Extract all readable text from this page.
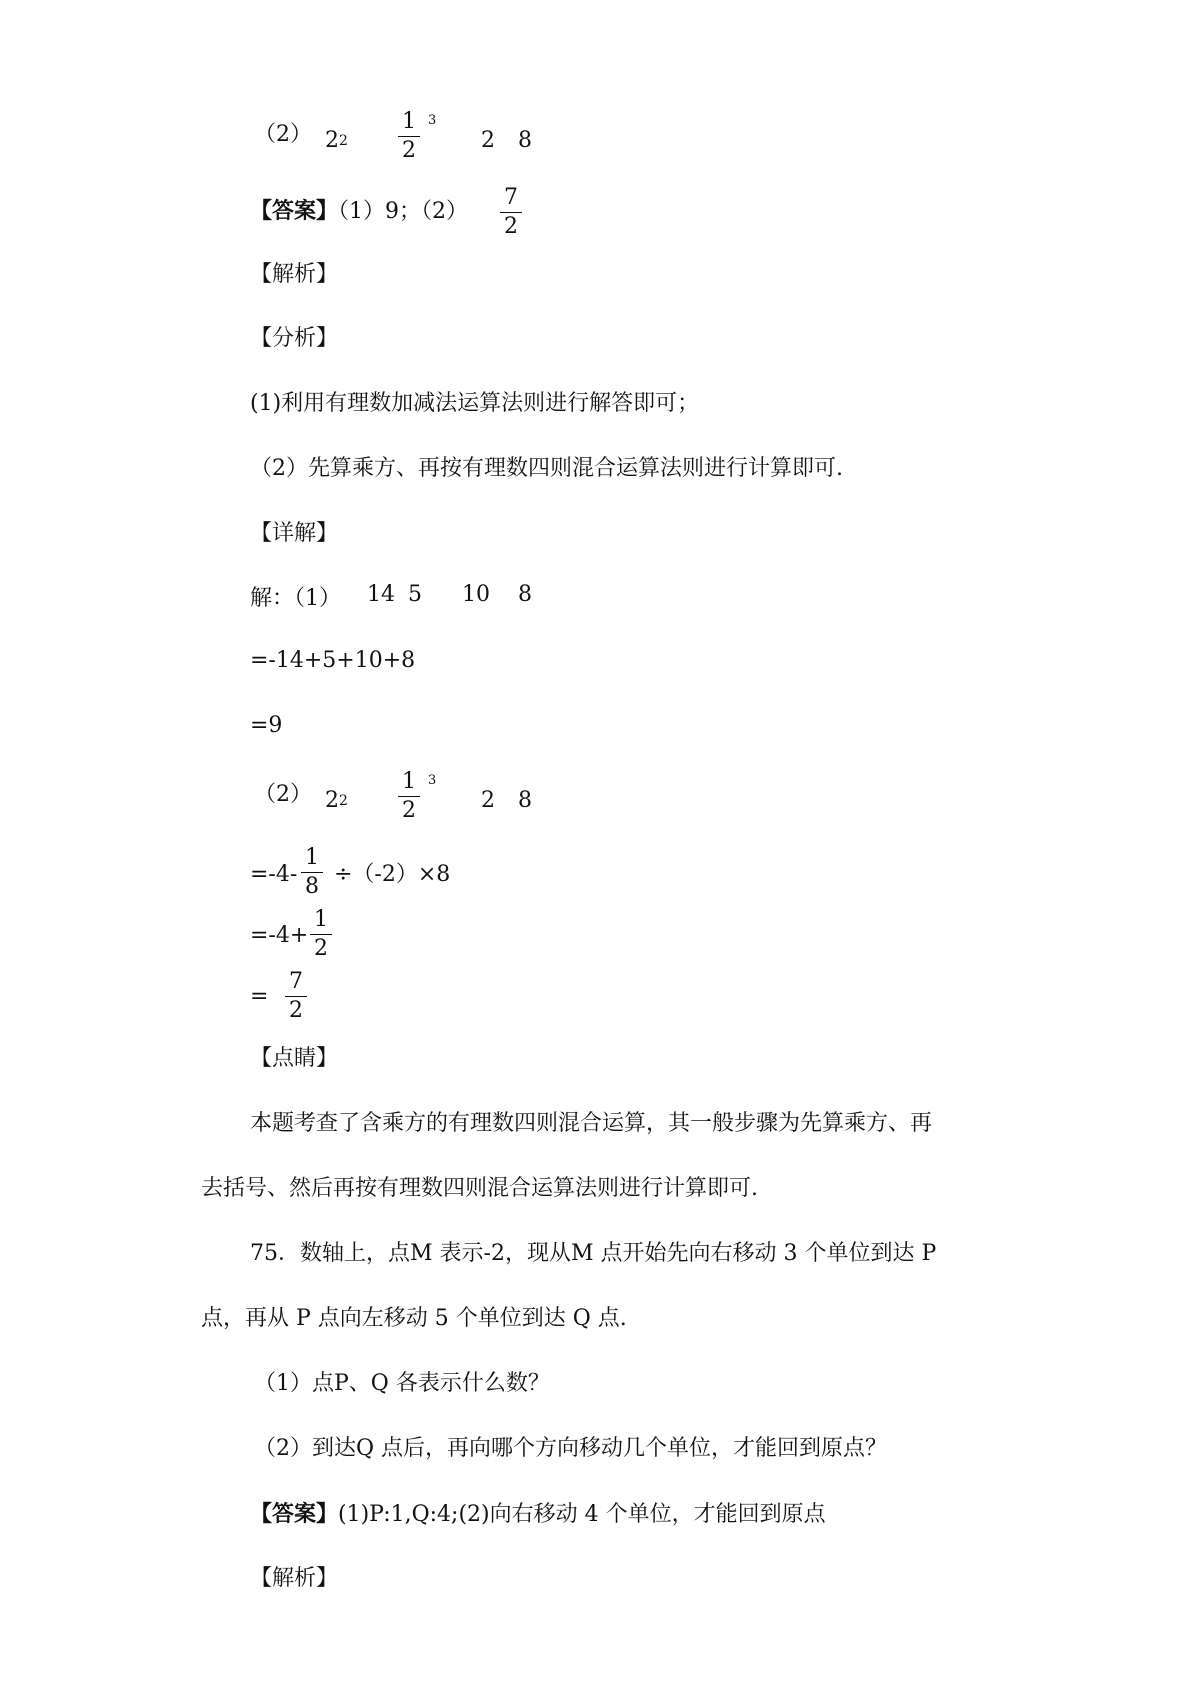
（2） 22
1
2
3
2 8
【答案】（1）9；（2）
7
2
【解析】
【分析】
(1)利用有理数加减法运算法则进行解答即可；
（2）先算乘方、再按有理数四则混合运算法则进行计算即可.
【详解】
解：（1） 14 5 10 8
=-14+5+10+8
=9
（2） 22
1
2
3
2 8
=-4-
1
8 ÷（-2）×8
=-4+
1
2
=
7
2
【点睛】
本题考查了含乘方的有理数四则混合运算，其一般步骤为先算乘方、再
去括号、然后再按有理数四则混合运算法则进行计算即可.
75．数轴上，点M 表示-2，现从M 点开始先向右移动 3 个单位到达 P
点，再从 P 点向左移动 5 个单位到达 Q 点.
（1）点P、Q 各表示什么数？
（2）到达Q 点后，再向哪个方向移动几个单位，才能回到原点？
【答案】(1)P:1,Q:4;(2)向右移动 4 个单位，才能回到原点
【解析】
